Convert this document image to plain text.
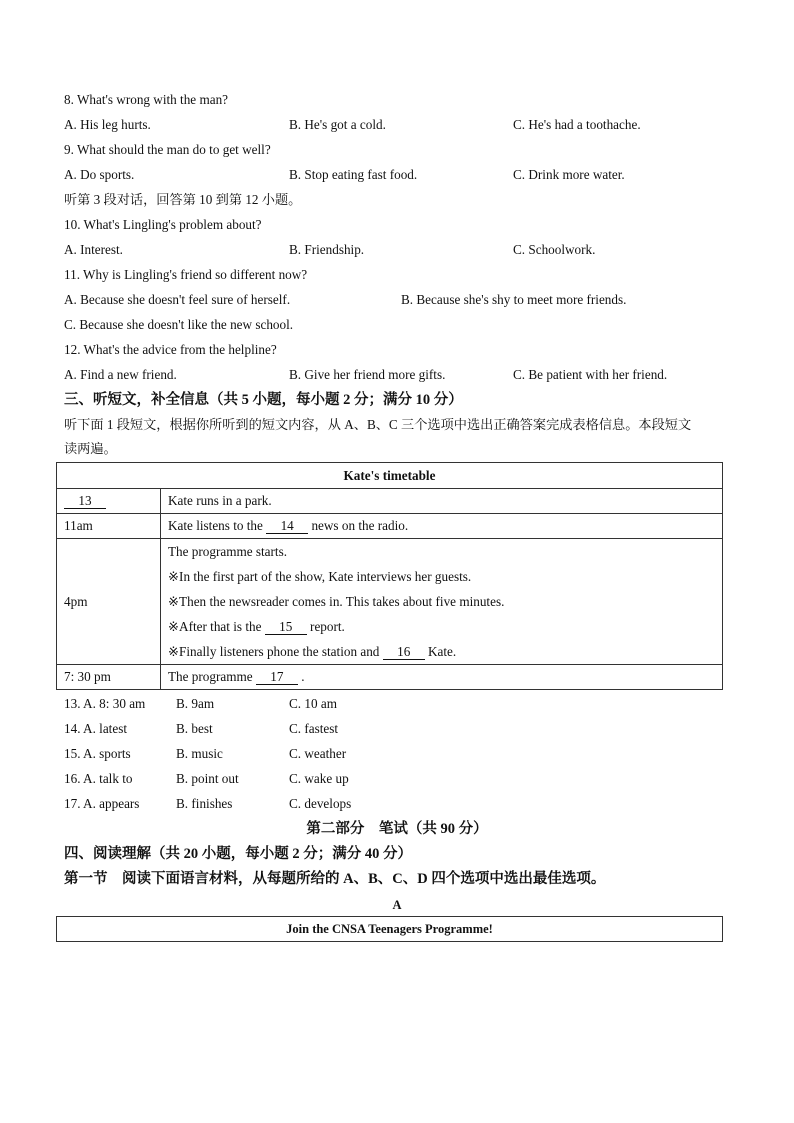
8. What's wrong with the man?
A. His leg hurts.	B. He's got a cold.	C. He's had a toothache.
9. What should the man do to get well?
A. Do sports.	B. Stop eating fast food.	C. Drink more water.
听第 3 段对话，回答第 10 到第 12 小题。
10. What's Lingling's problem about?
A. Interest.	B. Friendship.	C. Schoolwork.
11. Why is Lingling's friend so different now?
A. Because she doesn't feel sure of herself.	B. Because she's shy to meet more friends.
C. Because she doesn't like the new school.
12. What's the advice from the helpline?
A. Find a new friend.	B. Give her friend more gifts.	C. Be patient with her friend.
三、听短文，补全信息（共 5 小题，每小题 2 分；满分 10 分）
听下面 1 段短文，根据你所听到的短文内容，从 A、B、C 三个选项中选出正确答案完成表格信息。本段短文
读两遍。
Kate's timetable	
13	Kate runs in a park.
11am	Kate listens to the 14 news on the radio.
4pm	The programme starts.
※In the first part of the show, Kate interviews her guests.
※Then the newsreader comes in. This takes about five minutes.
※After that is the 15 report.
※Finally listeners phone the station and 16 Kate.

7: 30 pm	The programme 17 .
13. A. 8: 30 am B. 9am	C. 10 am
14. A. latest	B. best	C. fastest
15. A. sports	B. music	C. weather
16. A. talk to	B. point out	C. wake up
17. A. appears	B. finishes	C. develops
第二部分　笔试（共 90 分）
四、阅读理解（共 20 小题，每小题 2 分；满分 40 分）
第一节　阅读下面语言材料，从每题所给的 A、B、C、D 四个选项中选出最佳选项。
A
Join the CNSA Teenagers Programme!
